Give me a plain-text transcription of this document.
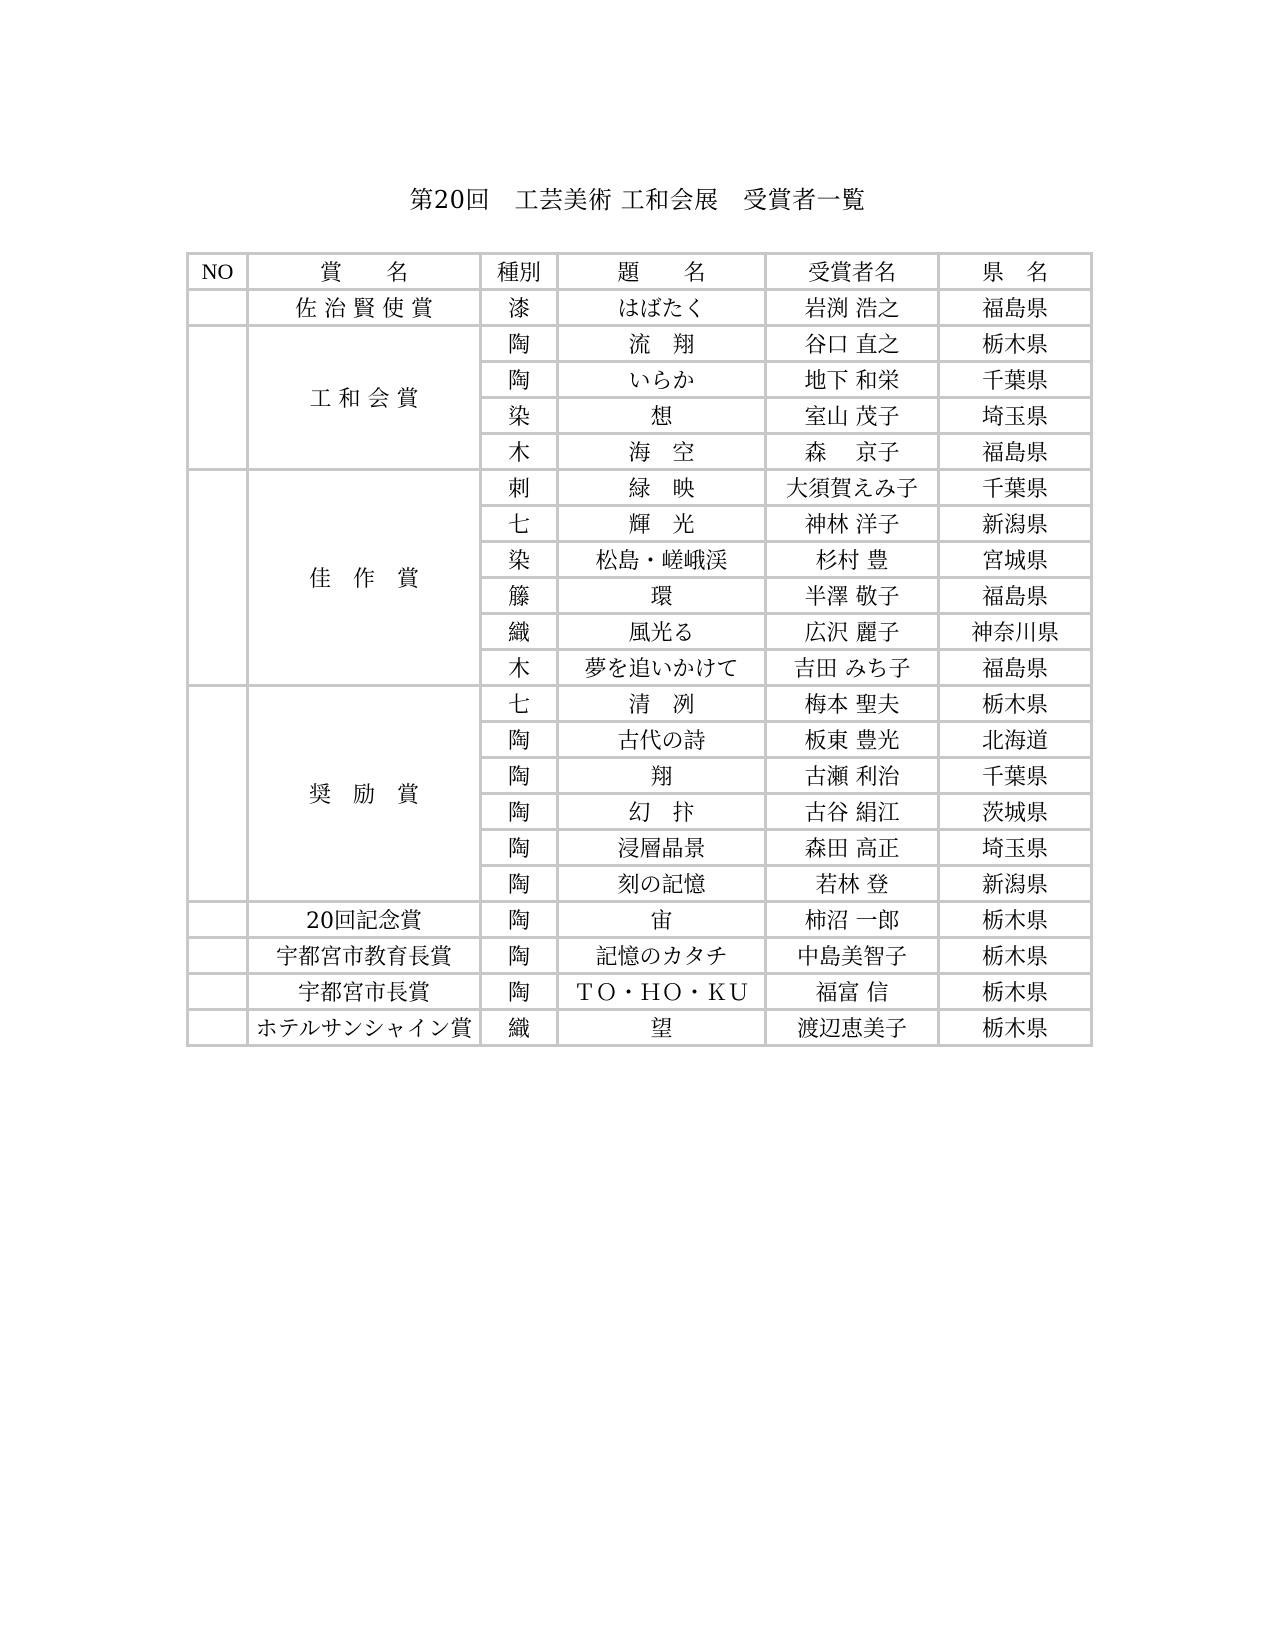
第20回　工芸美術 工和会展　受賞者一覧
NO	賞　　名	種別	題　　名	受賞者名	県　名
	佐 治 賢 使 賞	漆	はばたく	岩渕 浩之	福島県
	工 和 会 賞	陶	流　翔	谷口 直之	栃木県
		陶	いらか	地下 和栄	千葉県
		染	想	室山 茂子	埼玉県
		木	海　空	森　 京子	福島県
	佳　作　賞	刺	緑　映	大須賀えみ子	千葉県
		七	輝　光	神林 洋子	新潟県
		染	松島・嵯峨渓	杉村 豊	宮城県
		籐	環	半澤 敬子	福島県
		織	風光る	広沢 麗子	神奈川県
		木	夢を追いかけて	吉田 みち子	福島県
	奨　励　賞	七	清　冽	梅本 聖夫	栃木県
		陶	古代の詩	板東 豊光	北海道
		陶	翔	古瀬 利治	千葉県
		陶	幻　抃	古谷 絹江	茨城県
		陶	浸層晶景	森田 高正	埼玉県
		陶	刻の記憶	若林 登	新潟県
	20回記念賞	陶	宙	柿沼 一郎	栃木県
	宇都宮市教育長賞	陶	記憶のカタチ	中島美智子	栃木県
	宇都宮市長賞	陶	ＴＯ・ＨＯ・ＫＵ	福富 信	栃木県
	ホテルサンシャイン賞	織	望	渡辺恵美子	栃木県
